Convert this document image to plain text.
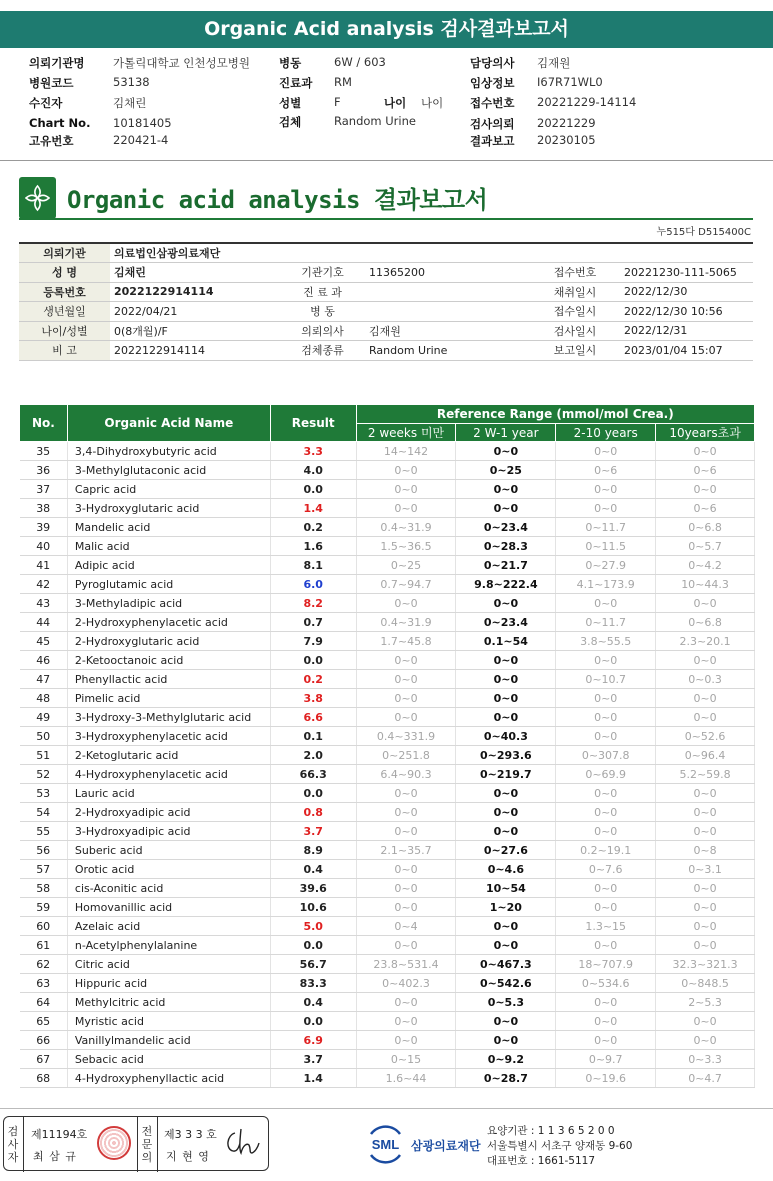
Organic Acid analysis 검사결과보고서
의뢰기관명 가톨릭대학교 인천성모병원
병원코드	53138
수진자	김채린
Chart No. 10181405
고유번호	220421-4
병동	6W / 603
진료과 RM
성별	F	나이 나이
검체	Random Urine
담당의사 김재원
임상정보 I67R71WL0
접수번호 20221229-14114
검사의뢰 20221229
결과보고 20230105
Organic acid analysis 결과보고서
누515다 D515400C
의뢰기관	의료법인삼광의료재단				
성 명	김채린	기관기호	11365200	접수번호	20221230-111-5065
등록번호	2022122914114	진 료 과		채취일시	2022/12/30
생년월일	2022/04/21	병 동		접수일시	2022/12/30 10:56
나이/성별	0(8개월)/F	의뢰의사	김재원	검사일시	2022/12/31
비 고	2022122914114	검체종류	Random Urine	보고일시	2023/01/04 15:07
No.	Organic Acid Name	Result	Reference Range (mmol/mol Crea.)			
			2 weeks 미만	2 W-1 year	2-10 years	10years초과
35	3,4-Dihydroxybutyric acid	3.3	14~142	0~0	0~0	0~0
36	3-Methylglutaconic acid	4.0	0~0	0~25	0~6	0~6
37	Capric acid	0.0	0~0	0~0	0~0	0~0
38	3-Hydroxyglutaric acid	1.4	0~0	0~0	0~0	0~6
39	Mandelic acid	0.2	0.4~31.9	0~23.4	0~11.7	0~6.8
40	Malic acid	1.6	1.5~36.5	0~28.3	0~11.5	0~5.7
41	Adipic acid	8.1	0~25	0~21.7	0~27.9	0~4.2
42	Pyroglutamic acid	6.0	0.7~94.7	9.8~222.4	4.1~173.9	10~44.3
43	3-Methyladipic acid	8.2	0~0	0~0	0~0	0~0
44	2-Hydroxyphenylacetic acid	0.7	0.4~31.9	0~23.4	0~11.7	0~6.8
45	2-Hydroxyglutaric acid	7.9	1.7~45.8	0.1~54	3.8~55.5	2.3~20.1
46	2-Ketooctanoic acid	0.0	0~0	0~0	0~0	0~0
47	Phenyllactic acid	0.2	0~0	0~0	0~10.7	0~0.3
48	Pimelic acid	3.8	0~0	0~0	0~0	0~0
49	3-Hydroxy-3-Methylglutaric acid	6.6	0~0	0~0	0~0	0~0
50	3-Hydroxyphenylacetic acid	0.1	0.4~331.9	0~40.3	0~0	0~52.6
51	2-Ketoglutaric acid	2.0	0~251.8	0~293.6	0~307.8	0~96.4
52	4-Hydroxyphenylacetic acid	66.3	6.4~90.3	0~219.7	0~69.9	5.2~59.8
53	Lauric acid	0.0	0~0	0~0	0~0	0~0
54	2-Hydroxyadipic acid	0.8	0~0	0~0	0~0	0~0
55	3-Hydroxyadipic acid	3.7	0~0	0~0	0~0	0~0
56	Suberic acid	8.9	2.1~35.7	0~27.6	0.2~19.1	0~8
57	Orotic acid	0.4	0~0	0~4.6	0~7.6	0~3.1
58	cis-Aconitic acid	39.6	0~0	10~54	0~0	0~0
59	Homovanillic acid	10.6	0~0	1~20	0~0	0~0
60	Azelaic acid	5.0	0~4	0~0	1.3~15	0~0
61	n-Acetylphenylalanine	0.0	0~0	0~0	0~0	0~0
62	Citric acid	56.7	23.8~531.4	0~467.3	18~707.9	32.3~321.3
63	Hippuric acid	83.3	0~402.3	0~542.6	0~534.6	0~848.5
64	Methylcitric acid	0.4	0~0	0~5.3	0~0	2~5.3
65	Myristic acid	0.0	0~0	0~0	0~0	0~0
66	Vanillylmandelic acid	6.9	0~0	0~0	0~0	0~0
67	Sebacic acid	3.7	0~15	0~9.2	0~9.7	0~3.3
68	4-Hydroxyphenyllactic acid	1.4	1.6~44	0~28.7	0~19.6	0~4.7
검사자
제11194호
최 삼 규
전문의
제3 3 3 호
지 현 영
SML 삼광의료재단
요양기관 : 1 1 3 6 5 2 0 0
서울특별시 서초구 양재동 9-60
대표번호 : 1661-5117
